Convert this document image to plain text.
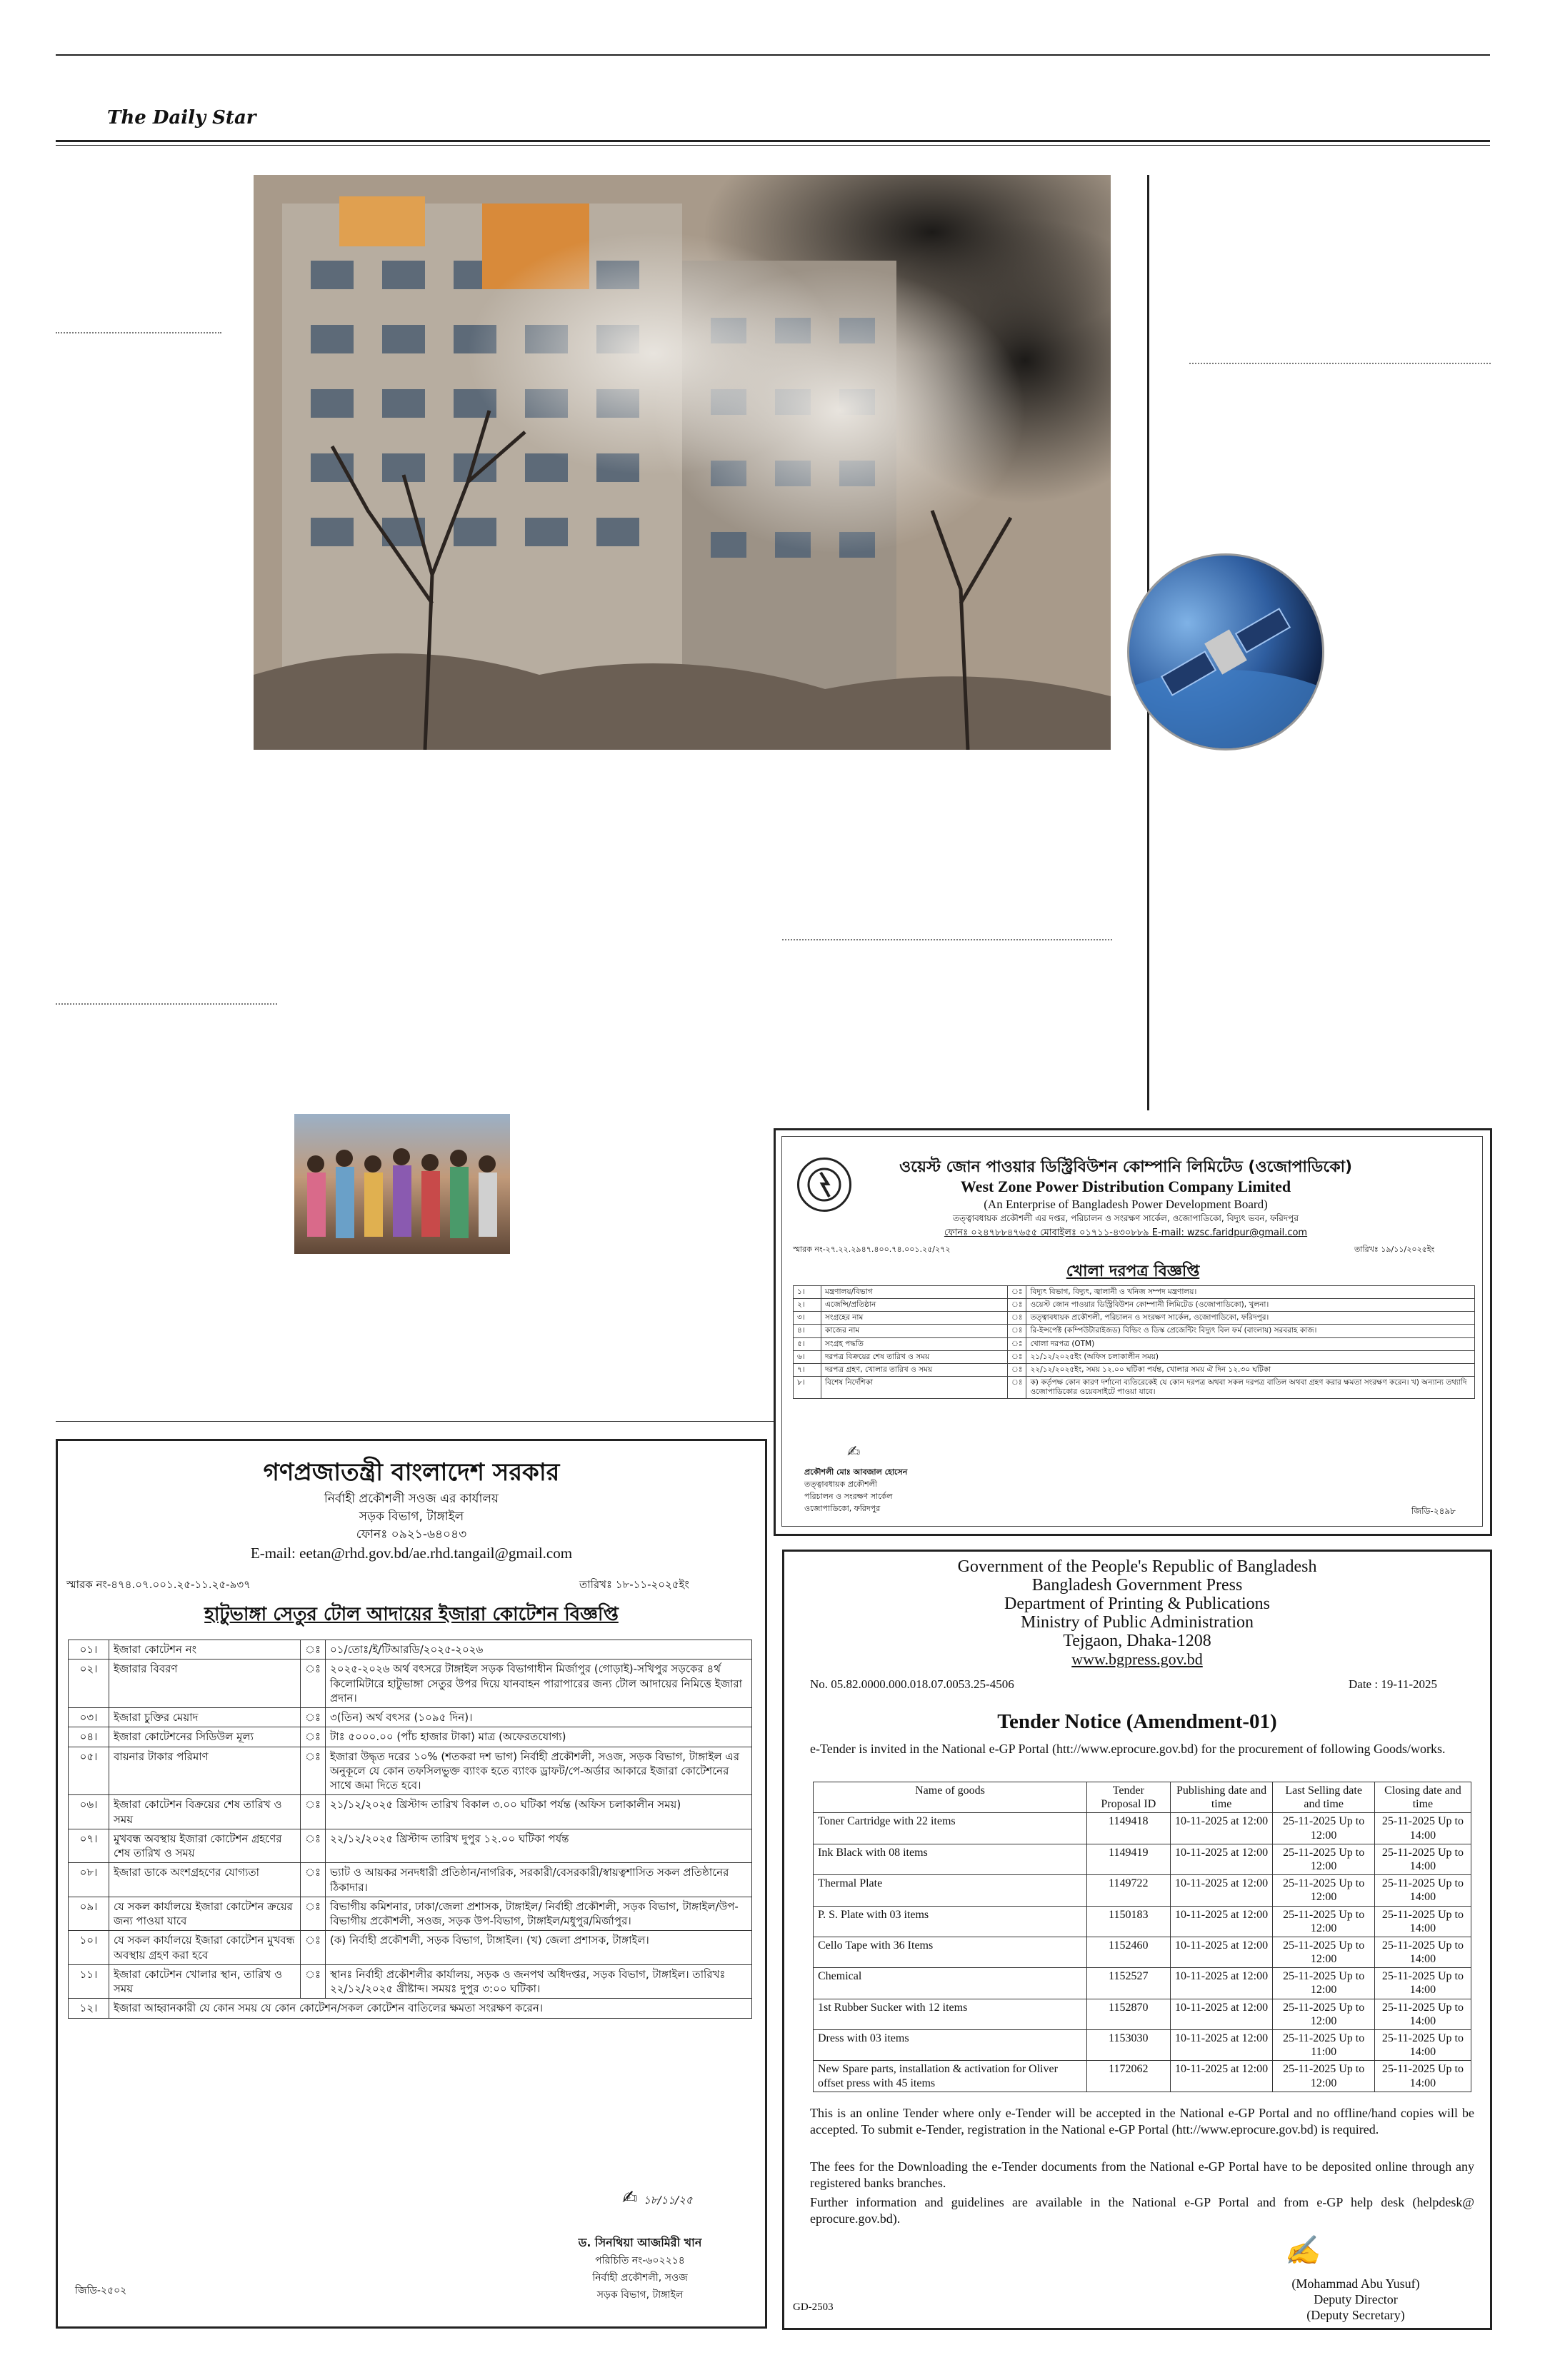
The Daily Star
ওয়েস্ট জোন পাওয়ার ডিস্ট্রিবিউশন কোম্পানি লিমিটেড (ওজোপাডিকো)
West Zone Power Distribution Company Limited
(An Enterprise of Bangladesh Power Development Board)
তত্ত্বাবধায়ক প্রকৌশলী এর দপ্তর, পরিচালন ও সংরক্ষণ সার্কেল, ওজোপাডিকো, বিদ্যুৎ ভবন, ফরিদপুর
ফোনঃ ০২৪৭৮৮৪৭৬৫৫ মোবাইলঃ ০১৭১১-৪৩০৮৮৯ E-mail: wzsc.faridpur@gmail.com
স্মারক নং-২৭.২২.২৯৪৭.৪০০.৭৪.০০১.২৫/২৭২	তারিখঃ ১৯/১১/২০২৫ইং
খোলা দরপত্র বিজ্ঞপ্তি
১।	মন্ত্রণালয়/বিভাগ	ঃ	বিদ্যুৎ বিভাগ, বিদ্যুৎ, জ্বালানী ও খনিজ সম্পদ মন্ত্রণালয়।
২।	এজেন্সি/প্রতিষ্ঠান	ঃ	ওয়েস্ট জোন পাওয়ার ডিস্ট্রিবিউশন কোম্পানী লিমিটেড (ওজোপাডিকো), খুলনা।
৩।	সংগ্রহের নাম	ঃ	তত্ত্বাবধায়ক প্রকৌশলী, পরিচালন ও সংরক্ষণ সার্কেল, ওজোপাডিকো, ফরিদপুর।
৪।	কাজের নাম	ঃ	রি-ইন্সপেক্ট (কম্পিউটারাইজড) বিল্ডিং ও ডিস্ক প্রেজেন্টিং বিদ্যুৎ বিল ফর্ম (বাংলায়) সরবরাহ কাজ।
৫।	সংগ্রহ পদ্ধতি	ঃ	খোলা দরপত্র (OTM)
৬।	দরপত্র বিক্রয়ের শেষ তারিখ ও সময়	ঃ	২১/১২/২০২৫ইং (অফিস চলাকালীন সময়)
৭।	দরপত্র গ্রহণ, খোলার তারিখ ও সময়	ঃ	২২/১২/২০২৫ইং, সময় ১২.০০ ঘটিকা পর্যন্ত, খোলার সময় ঐ দিন ১২.৩০ ঘটিকা
৮।	বিশেষ নির্দেশিকা	ঃ	ক) কর্তৃপক্ষ কোন কারণ দর্শানো ব্যতিরেকেই যে কোন দরপত্র অথবা সকল দরপত্র বাতিল অথবা গ্রহণ করার ক্ষমতা সংরক্ষণ করেন। খ) অন্যান্য তথ্যাদি ওজোপাডিকোর ওয়েবসাইটে পাওয়া যাবে।
✍
প্রকৌশলী মোঃ আবজাল হোসেন
তত্ত্বাবধায়ক প্রকৌশলী
পরিচালন ও সংরক্ষণ সার্কেল
ওজোপাডিকো, ফরিদপুর	জিডি-২৪৯৮
গণপ্রজাতন্ত্রী বাংলাদেশ সরকার
নির্বাহী প্রকৌশলী সওজ এর কার্যালয়
সড়ক বিভাগ, টাঙ্গাইল
ফোনঃ ০৯২১-৬৪০৪৩
E-mail: eetan@rhd.gov.bd/ae.rhd.tangail@gmail.com
স্মারক নং-৪৭৪.০৭.০০১.২৫-১১.২৫-৯৩৭	তারিখঃ ১৮-১১-২০২৫ইং
হাটুভাঙ্গা সেতুর টোল আদায়ের ইজারা কোটেশন বিজ্ঞপ্তি
০১।	ইজারা কোটেশন নং	ঃ	০১/তোঃ/ই/টিআরডি/২০২৫-২০২৬
০২।	ইজারার বিবরণ	ঃ	২০২৫-২০২৬ অর্থ বৎসরে টাঙ্গাইল সড়ক বিভাগাধীন মির্জাপুর (গোড়াই)-সখিপুর সড়কের ৪র্থ কিলোমিটারে হাটুভাঙ্গা সেতুর উপর দিয়ে যানবাহন পারাপারের জন্য টোল আদায়ের নিমিত্তে ইজারা প্রদান।
০৩।	ইজারা চুক্তির মেয়াদ	ঃ	৩(তিন) অর্থ বৎসর (১০৯৫ দিন)।
০৪।	ইজারা কোটেশনের সিডিউল মূল্য	ঃ	টাঃ ৫০০০.০০ (পাঁচ হাজার টাকা) মাত্র (অফেরতযোগ্য)
০৫।	বায়নার টাকার পরিমাণ	ঃ	ইজারা উদ্ধৃত দরের ১০% (শতকরা দশ ভাগ) নির্বাহী প্রকৌশলী, সওজ, সড়ক বিভাগ, টাঙ্গাইল এর অনুকূলে যে কোন তফসিলভুক্ত ব্যাংক হতে ব্যাংক ড্রাফট/পে-অর্ডার আকারে ইজারা কোটেশনের সাথে জমা দিতে হবে।
০৬।	ইজারা কোটেশন বিক্রয়ের শেষ তারিখ ও সময়	ঃ	২১/১২/২০২৫ খ্রিস্টাব্দ তারিখ বিকাল ৩.০০ ঘটিকা পর্যন্ত (অফিস চলাকালীন সময়)
০৭।	মুখবন্ধ অবস্থায় ইজারা কোটেশন গ্রহণের শেষ তারিখ ও সময়	ঃ	২২/১২/২০২৫ খ্রিস্টাব্দ তারিখ দুপুর ১২.০০ ঘটিকা পর্যন্ত
০৮।	ইজারা ডাকে অংশগ্রহণের যোগ্যতা	ঃ	ভ্যাট ও আয়কর সনদধারী প্রতিষ্ঠান/নাগরিক, সরকারী/বেসরকারী/স্বায়ত্বশাসিত সকল প্রতিষ্ঠানের ঠিকাদার।
০৯।	যে সকল কার্যালয়ে ইজারা কোটেশন ক্রয়ের জন্য পাওয়া যাবে	ঃ	বিভাগীয় কমিশনার, ঢাকা/জেলা প্রশাসক, টাঙ্গাইল/ নির্বাহী প্রকৌশলী, সড়ক বিভাগ, টাঙ্গাইল/উপ-বিভাগীয় প্রকৌশলী, সওজ, সড়ক উপ-বিভাগ, টাঙ্গাইল/মধুপুর/মির্জাপুর।
১০।	যে সকল কার্যালয়ে ইজারা কোটেশন মুখবন্ধ অবস্থায় গ্রহণ করা হবে	ঃ	(ক) নির্বাহী প্রকৌশলী, সড়ক বিভাগ, টাঙ্গাইল। (খ) জেলা প্রশাসক, টাঙ্গাইল।
১১।	ইজারা কোটেশন খোলার স্থান, তারিখ ও সময়	ঃ	স্থানঃ নির্বাহী প্রকৌশলীর কার্যালয়, সড়ক ও জনপথ অধিদপ্তর, সড়ক বিভাগ, টাঙ্গাইল। তারিখঃ ২২/১২/২০২৫ খ্রীষ্টাব্দ। সময়ঃ দুপুর ৩:০০ ঘটিকা।
১২।	ইজারা আহ্বানকারী যে কোন সময় যে কোন কোটেশন/সকল কোটেশন বাতিলের ক্ষমতা সংরক্ষণ করেন।		
✍ ১৮/১১/২৫
ড. সিনথিয়া আজমিরী খান
পরিচিতি নং-৬০২২১৪
নির্বাহী প্রকৌশলী, সওজ
সড়ক বিভাগ, টাঙ্গাইল
জিডি-২৫০২
Government of the People's Republic of Bangladesh
Bangladesh Government Press
Department of Printing & Publications
Ministry of Public Administration
Tejgaon, Dhaka-1208
www.bgpress.gov.bd
No. 05.82.0000.000.018.07.0053.25-4506	Date : 19-11-2025
Tender Notice (Amendment-01)
e-Tender is invited in the National e-GP Portal (htt://www.eprocure.gov.bd) for the procurement of following Goods/works.
Name of goods	Tender Proposal ID	Publishing date and time	Last Selling date and time	Closing date and time
Toner Cartridge with 22 items	1149418	10-11-2025 at 12:00	25-11-2025 Up to 12:00	25-11-2025 Up to 14:00
Ink Black with 08 items	1149419	10-11-2025 at 12:00	25-11-2025 Up to 12:00	25-11-2025 Up to 14:00
Thermal Plate	1149722	10-11-2025 at 12:00	25-11-2025 Up to 12:00	25-11-2025 Up to 14:00
P. S. Plate with 03 items	1150183	10-11-2025 at 12:00	25-11-2025 Up to 12:00	25-11-2025 Up to 14:00
Cello Tape with 36 Items	1152460	10-11-2025 at 12:00	25-11-2025 Up to 12:00	25-11-2025 Up to 14:00
Chemical	1152527	10-11-2025 at 12:00	25-11-2025 Up to 12:00	25-11-2025 Up to 14:00
1st Rubber Sucker with 12 items	1152870	10-11-2025 at 12:00	25-11-2025 Up to 12:00	25-11-2025 Up to 14:00
Dress with 03 items	1153030	10-11-2025 at 12:00	25-11-2025 Up to 11:00	25-11-2025 Up to 14:00
New Spare parts, installation & activation for Oliver offset press with 45 items	1172062	10-11-2025 at 12:00	25-11-2025 Up to 12:00	25-11-2025 Up to 14:00
This is an online Tender where only e-Tender will be accepted in the National e-GP Portal and no offline/hand copies will be accepted. To submit e-Tender, registration in the National e-GP Portal (htt://www.eprocure.gov.bd) is required.
The fees for the Downloading the e-Tender documents from the National e-GP Portal have to be deposited online through any registered banks branches.
Further information and guidelines are available in the National e-GP Portal and from e-GP help desk (helpdesk@ eprocure.gov.bd).
✍
(Mohammad Abu Yusuf)
Deputy Director
(Deputy Secretary)
GD-2503
